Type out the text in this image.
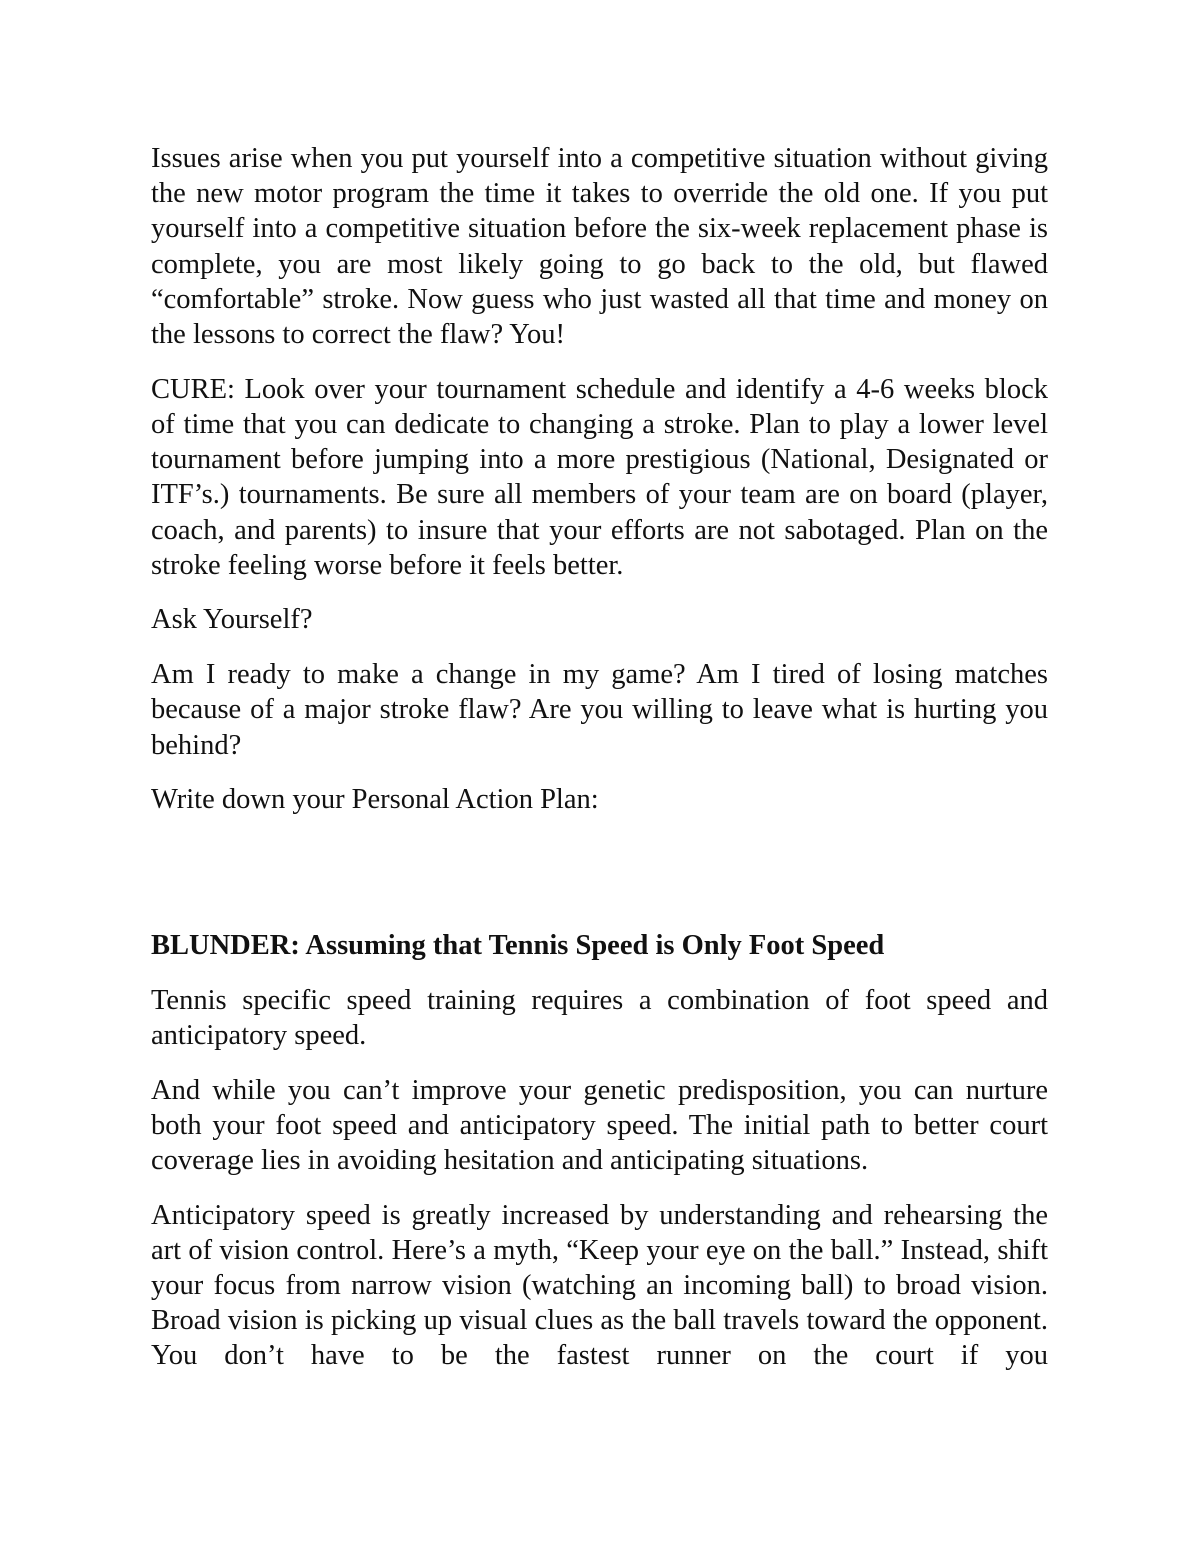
Issues arise when you put yourself into a competitive situation without giving the new motor program the time it takes to override the old one. If you put yourself into a competitive situation before the six-week replacement phase is complete, you are most likely going to go back to the old, but flawed “comfortable” stroke. Now guess who just wasted all that time and money on the lessons to correct the flaw? You!

CURE: Look over your tournament schedule and identify a 4-6 weeks block of time that you can dedicate to changing a stroke. Plan to play a lower level tournament before jumping into a more prestigious (National, Designated or ITF’s.) tournaments. Be sure all members of your team are on board (player, coach, and parents) to insure that your efforts are not sabotaged. Plan on the stroke feeling worse before it feels better.

Ask Yourself?

Am I ready to make a change in my game? Am I tired of losing matches because of a major stroke flaw? Are you willing to leave what is hurting you behind?

Write down your Personal Action Plan:

BLUNDER: Assuming that Tennis Speed is Only Foot Speed

Tennis specific speed training requires a combination of foot speed and anticipatory speed.

And while you can’t improve your genetic predisposition, you can nurture both your foot speed and anticipatory speed. The initial path to better court coverage lies in avoiding hesitation and anticipating situations.

Anticipatory speed is greatly increased by understanding and rehearsing the art of vision control. Here’s a myth, “Keep your eye on the ball.” Instead, shift your focus from narrow vision (watching an incoming ball) to broad vision. Broad vision is picking up visual clues as the ball travels toward the opponent. You don’t have to be the fastest runner on the court if you
